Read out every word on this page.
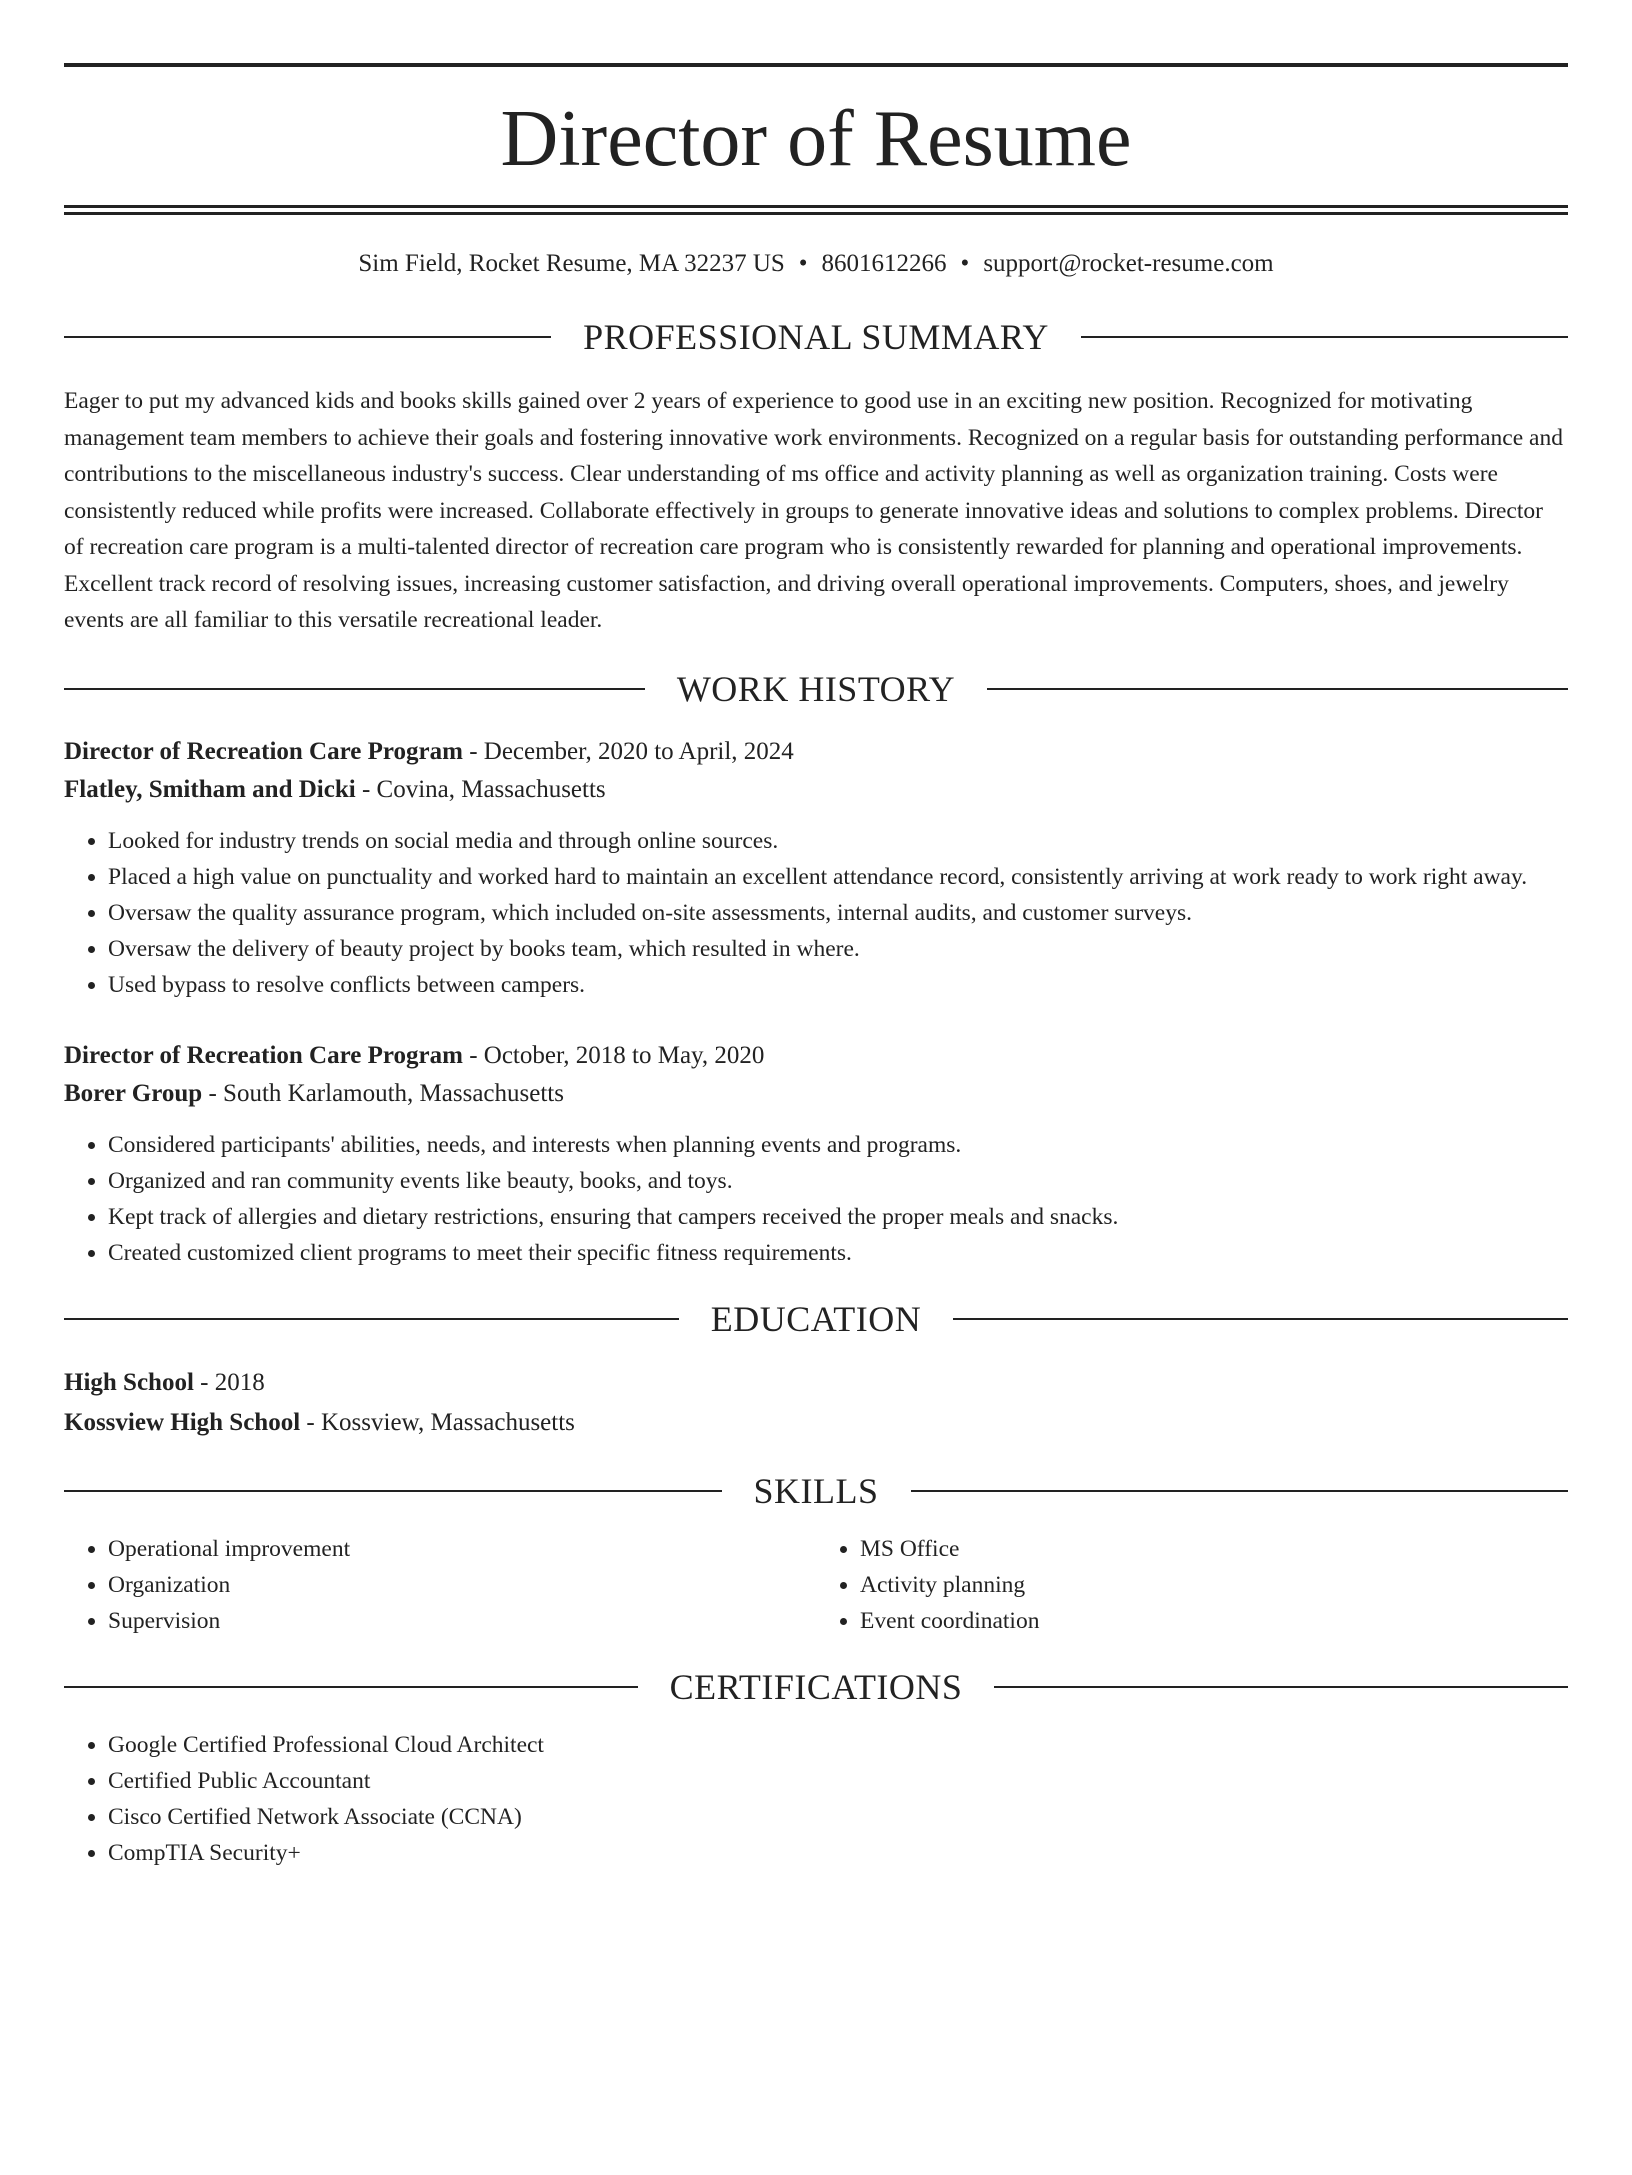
Director of Resume
Sim Field, Rocket Resume, MA 32237 US • 8601612266 • support@rocket-resume.com
PROFESSIONAL SUMMARY
Eager to put my advanced kids and books skills gained over 2 years of experience to good use in an exciting new position. Recognized for motivating management team members to achieve their goals and fostering innovative work environments. Recognized on a regular basis for outstanding performance and contributions to the miscellaneous industry's success. Clear understanding of ms office and activity planning as well as organization training. Costs were consistently reduced while profits were increased. Collaborate effectively in groups to generate innovative ideas and solutions to complex problems. Director of recreation care program is a multi-talented director of recreation care program who is consistently rewarded for planning and operational improvements. Excellent track record of resolving issues, increasing customer satisfaction, and driving overall operational improvements. Computers, shoes, and jewelry events are all familiar to this versatile recreational leader.
WORK HISTORY
Director of Recreation Care Program - December, 2020 to April, 2024
Flatley, Smitham and Dicki - Covina, Massachusetts
• Looked for industry trends on social media and through online sources.
• Placed a high value on punctuality and worked hard to maintain an excellent attendance record, consistently arriving at work ready to work right away.
• Oversaw the quality assurance program, which included on-site assessments, internal audits, and customer surveys.
• Oversaw the delivery of beauty project by books team, which resulted in where.
• Used bypass to resolve conflicts between campers.
Director of Recreation Care Program - October, 2018 to May, 2020
Borer Group - South Karlamouth, Massachusetts
• Considered participants' abilities, needs, and interests when planning events and programs.
• Organized and ran community events like beauty, books, and toys.
• Kept track of allergies and dietary restrictions, ensuring that campers received the proper meals and snacks.
• Created customized client programs to meet their specific fitness requirements.
EDUCATION
High School - 2018
Kossview High School - Kossview, Massachusetts
SKILLS
• Operational improvement
• Organization
• Supervision
• MS Office
• Activity planning
• Event coordination
CERTIFICATIONS
• Google Certified Professional Cloud Architect
• Certified Public Accountant
• Cisco Certified Network Associate (CCNA)
• CompTIA Security+
